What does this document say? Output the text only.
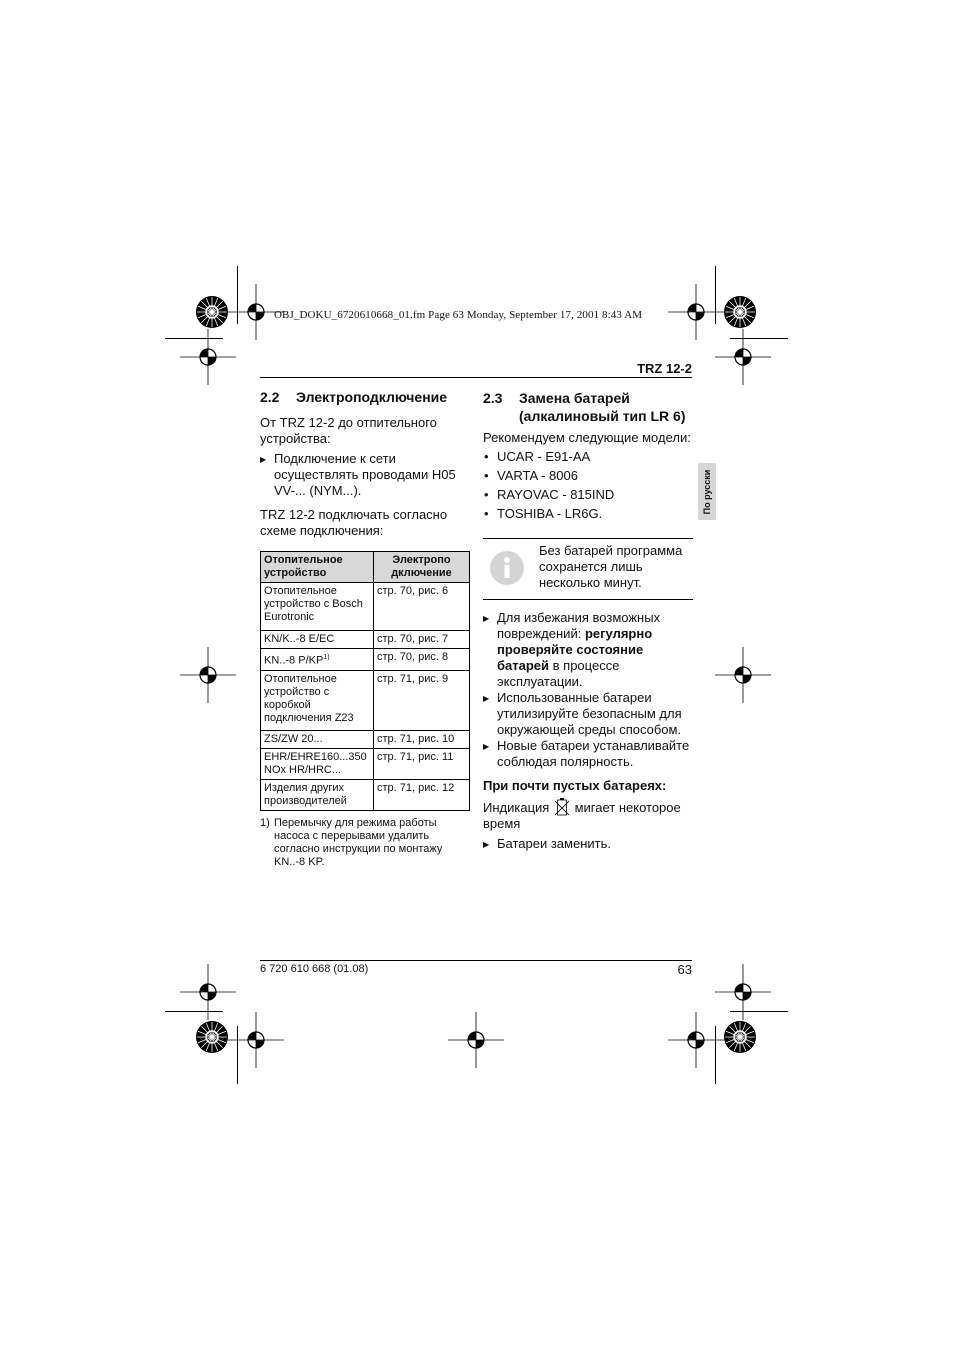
OBJ_DOKU_6720610668_01.fm Page 63 Monday, September 17, 2001 8:43 AM
TRZ 12-2
По русски
2.2 Электроподключение
От TRZ 12-2 до отпительного устройства:
▶ Подключение к сети осуществлять проводами H05 VV-... (NYM...).
TRZ 12-2 подключать согласно схеме подключения:
Отопительное устройство	Электропо дключение
Отопительное устройство с Bosch Eurotronic	стр. 70, рис. 6
KN/K..-8 E/EC	стр. 70, рис. 7
KN..-8 P/KP$^{1)}$	стр. 70, рис. 8
Отопительное устройство с коробкой подключения Z23	стр. 71, рис. 9
ZS/ZW 20...	стр. 71, рис. 10
EHR/EHRE160...350 NOx HR/HRC...	стр. 71, рис. 11
Изделия других производителей	стр. 71, рис. 12
1) Перемычку для режима работы насоса с перерывами удалить согласно инструкции по монтажу KN..-8 KP.
2.3 Замена батарей
(алкалиновый тип LR 6)
Рекомендуем следующие модели:
• UCAR - E91-AA
• VARTA - 8006
• RAYOVAC - 815IND
• TOSHIBA - LR6G.
Без батарей программа сохранется лишь несколько минут.
▶ Для избежания возможных повреждений: регулярно проверяйте состояние батарей в процессе эксплуатации.
▶ Использованные батареи утилизируйте безопасным для окружающей среды способом.
▶ Новые батареи устанавливайте соблюдая полярность.
При почти пустых батареях:
Индикация мигает некоторое время
▶ Батареи заменить.
6 720 610 668 (01.08)	63
